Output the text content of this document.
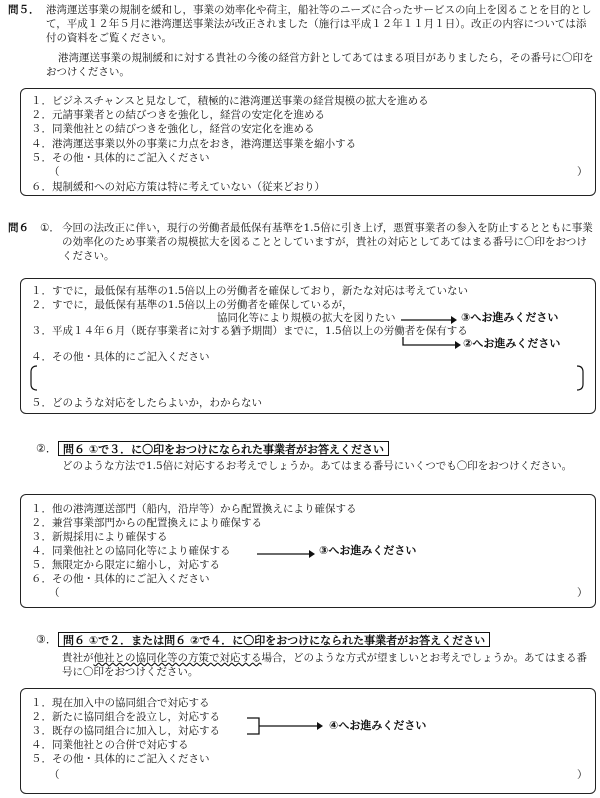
問５． 港湾運送事業の規制を緩和し，事業の効率化や荷主，船社等のニーズに合ったサービスの向上を図ることを目的として，平成１２年５月に港湾運送事業法が改正されました（施行は平成１２年１１月１日）。改正の内容については添付の資料をご覧ください。
港湾運送事業の規制緩和に対する貴社の今後の経営方針としてあてはまる項目がありましたら，その番号に〇印をおつけください。
１．ビジネスチャンスと見なして，積極的に港湾運送事業の経営規模の拡大を進める
２．元請事業者との結びつきを強化し，経営の安定化を進める
３．同業他社との結びつきを強化し，経営の安定化を進める
４．港湾運送事業以外の事業に力点をおき，港湾運送事業を縮小する
５．その他・具体的にご記入ください
（	）
６．規制緩和への対応方策は特に考えていない（従来どおり）
問６ ①． 今回の法改正に伴い，現行の労働者最低保有基準を1.5倍に引き上げ，悪質事業者の参入を防止するとともに事業の効率化のため事業者の規模拡大を図ることとしていますが，貴社の対応としてあてはまる番号に〇印をおつけください。
１．すでに，最低保有基準の1.5倍以上の労働者を確保しており，新たな対応は考えていない
２．すでに，最低保有基準の1.5倍以上の労働者を確保しているが，
協同化等により規模の拡大を図りたい	③へお進みください
３．平成１４年６月（既存事業者に対する猶予期間）までに，1.5倍以上の労働者を保有する
②へお進みください
４．その他・具体的にご記入ください
５．どのような対応をしたらよいか，わからない
②． 問６ ①で３．に〇印をおつけになられた事業者がお答えください
どのような方法で1.5倍に対応するお考えでしょうか。あてはまる番号にいくつでも〇印をおつけください。
１．他の港湾運送部門（船内，沿岸等）から配置換えにより確保する
２．兼営事業部門からの配置換えにより確保する
３．新規採用により確保する
４．同業他社との協同化等により確保する	③へお進みください
５．無限定から限定に縮小し，対応する
６．その他・具体的にご記入ください
（	）
③． 問６ ①で２．または問６ ②で４．に〇印をおつけになられた事業者がお答えください
貴社が他社との協同化等の方策で対応する場合，どのような方式が望ましいとお考えでしょうか。あてはまる番号に〇印をおつけください。
１．現在加入中の協同組合で対応する
２．新たに協同組合を設立し，対応する
３．既存の協同組合に加入し，対応する	④へお進みください
４．同業他社との合併で対応する
５．その他・具体的にご記入ください
（	）
